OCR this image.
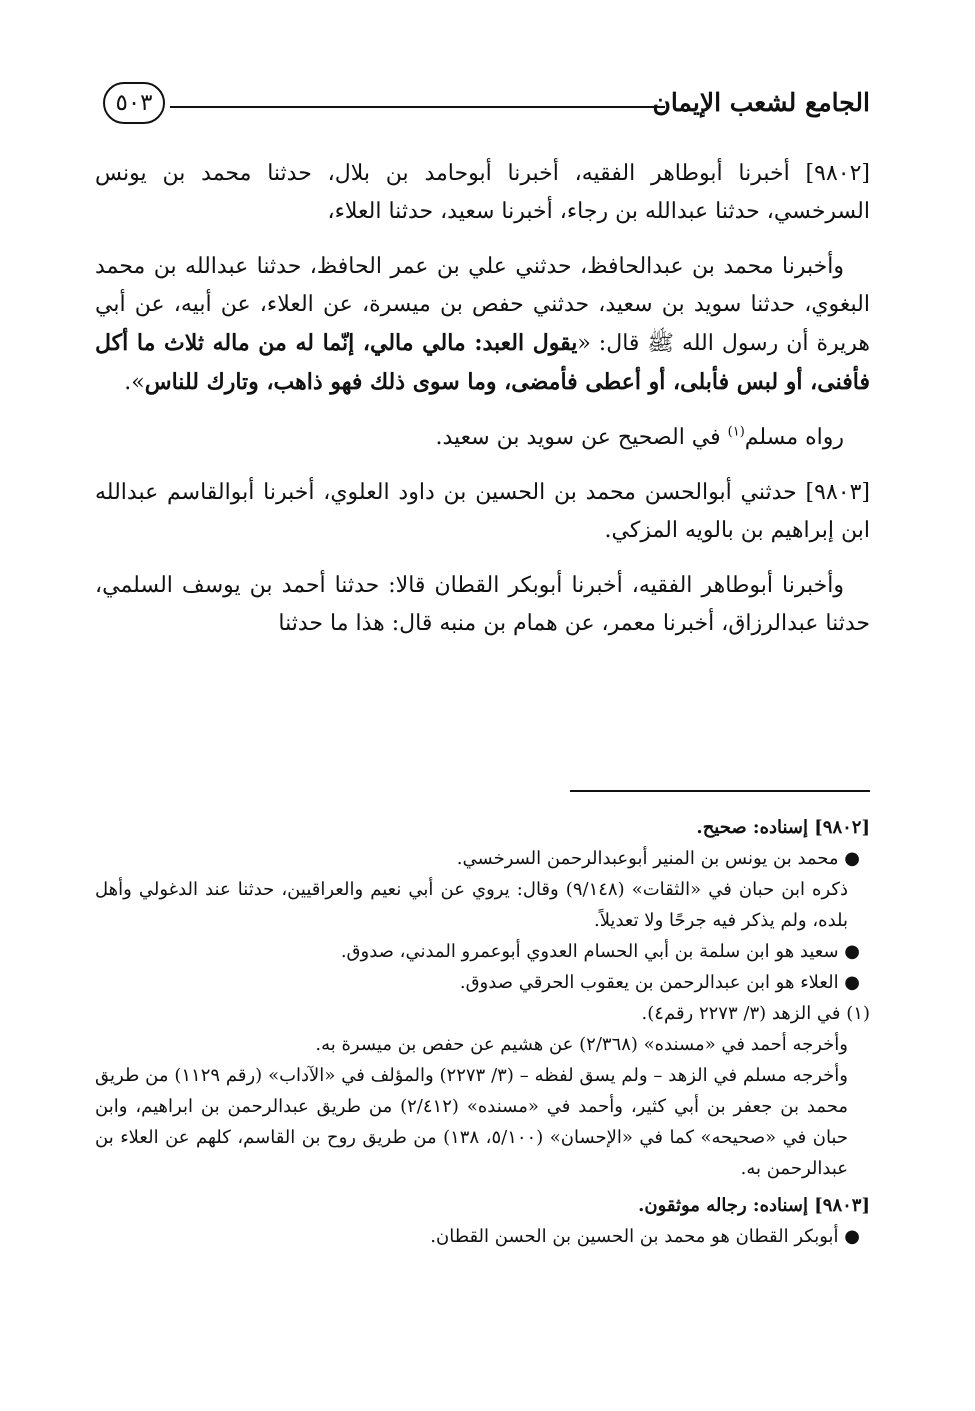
الجامع لشعب الإيمان
٥٠٣

[٩٨٠٢] أخبرنا أبوطاهر الفقيه، أخبرنا أبوحامد بن بلال، حدثنا محمد بن يونس السرخسي، حدثنا عبدالله بن رجاء، أخبرنا سعيد، حدثنا العلاء،

وأخبرنا محمد بن عبدالحافظ، حدثني علي بن عمر الحافظ، حدثنا عبدالله بن محمد البغوي، حدثنا سويد بن سعيد، حدثني حفص بن ميسرة، عن العلاء، عن أبيه، عن أبي هريرة أن رسول الله ﷺ قال: «يقول العبد: مالي مالي، إنّما له من ماله ثلاث ما أكل فأفنى، أو لبس فأبلى، أو أعطى فأمضى، وما سوى ذلك فهو ذاهب، وتارك للناس».

رواه مسلم$^{(١)}$ في الصحيح عن سويد بن سعيد.

[٩٨٠٣] حدثني أبوالحسن محمد بن الحسين بن داود العلوي، أخبرنا أبوالقاسم عبدالله ابن إبراهيم بن بالويه المزكي.

وأخبرنا أبوطاهر الفقيه، أخبرنا أبوبكر القطان قالا: حدثنا أحمد بن يوسف السلمي، حدثنا عبدالرزاق، أخبرنا معمر، عن همام بن منبه قال: هذا ما حدثنا

[٩٨٠٢] إسناده: صحيح.

● محمد بن يونس بن المنير أبوعبدالرحمن السرخسي.

ذكره ابن حبان في «الثقات» (٩/١٤٨) وقال: يروي عن أبي نعيم والعراقيين، حدثنا عند الدغولي وأهل بلده، ولم يذكر فيه جرحًا ولا تعديلاً.

● سعيد هو ابن سلمة بن أبي الحسام العدوي أبوعمرو المدني، صدوق.

● العلاء هو ابن عبدالرحمن بن يعقوب الحرقي صدوق.

(١) في الزهد (٣/ ٢٢٧٣ رقم٤).

وأخرجه أحمد في «مسنده» (٢/٣٦٨) عن هشيم عن حفص بن ميسرة به.

وأخرجه مسلم في الزهد – ولم يسق لفظه – (٣/ ٢٢٧٣) والمؤلف في «الآداب» (رقم ١١٢٩) من طريق محمد بن جعفر بن أبي كثير، وأحمد في «مسنده» (٢/٤١٢) من طريق عبدالرحمن بن ابراهيم، وابن حبان في «صحيحه» كما في «الإحسان» (٥/١٠٠، ١٣٨) من طريق روح بن القاسم، كلهم عن العلاء بن عبدالرحمن به.

[٩٨٠٣] إسناده: رجاله موثقون.

● أبوبكر القطان هو محمد بن الحسين بن الحسن القطان.
